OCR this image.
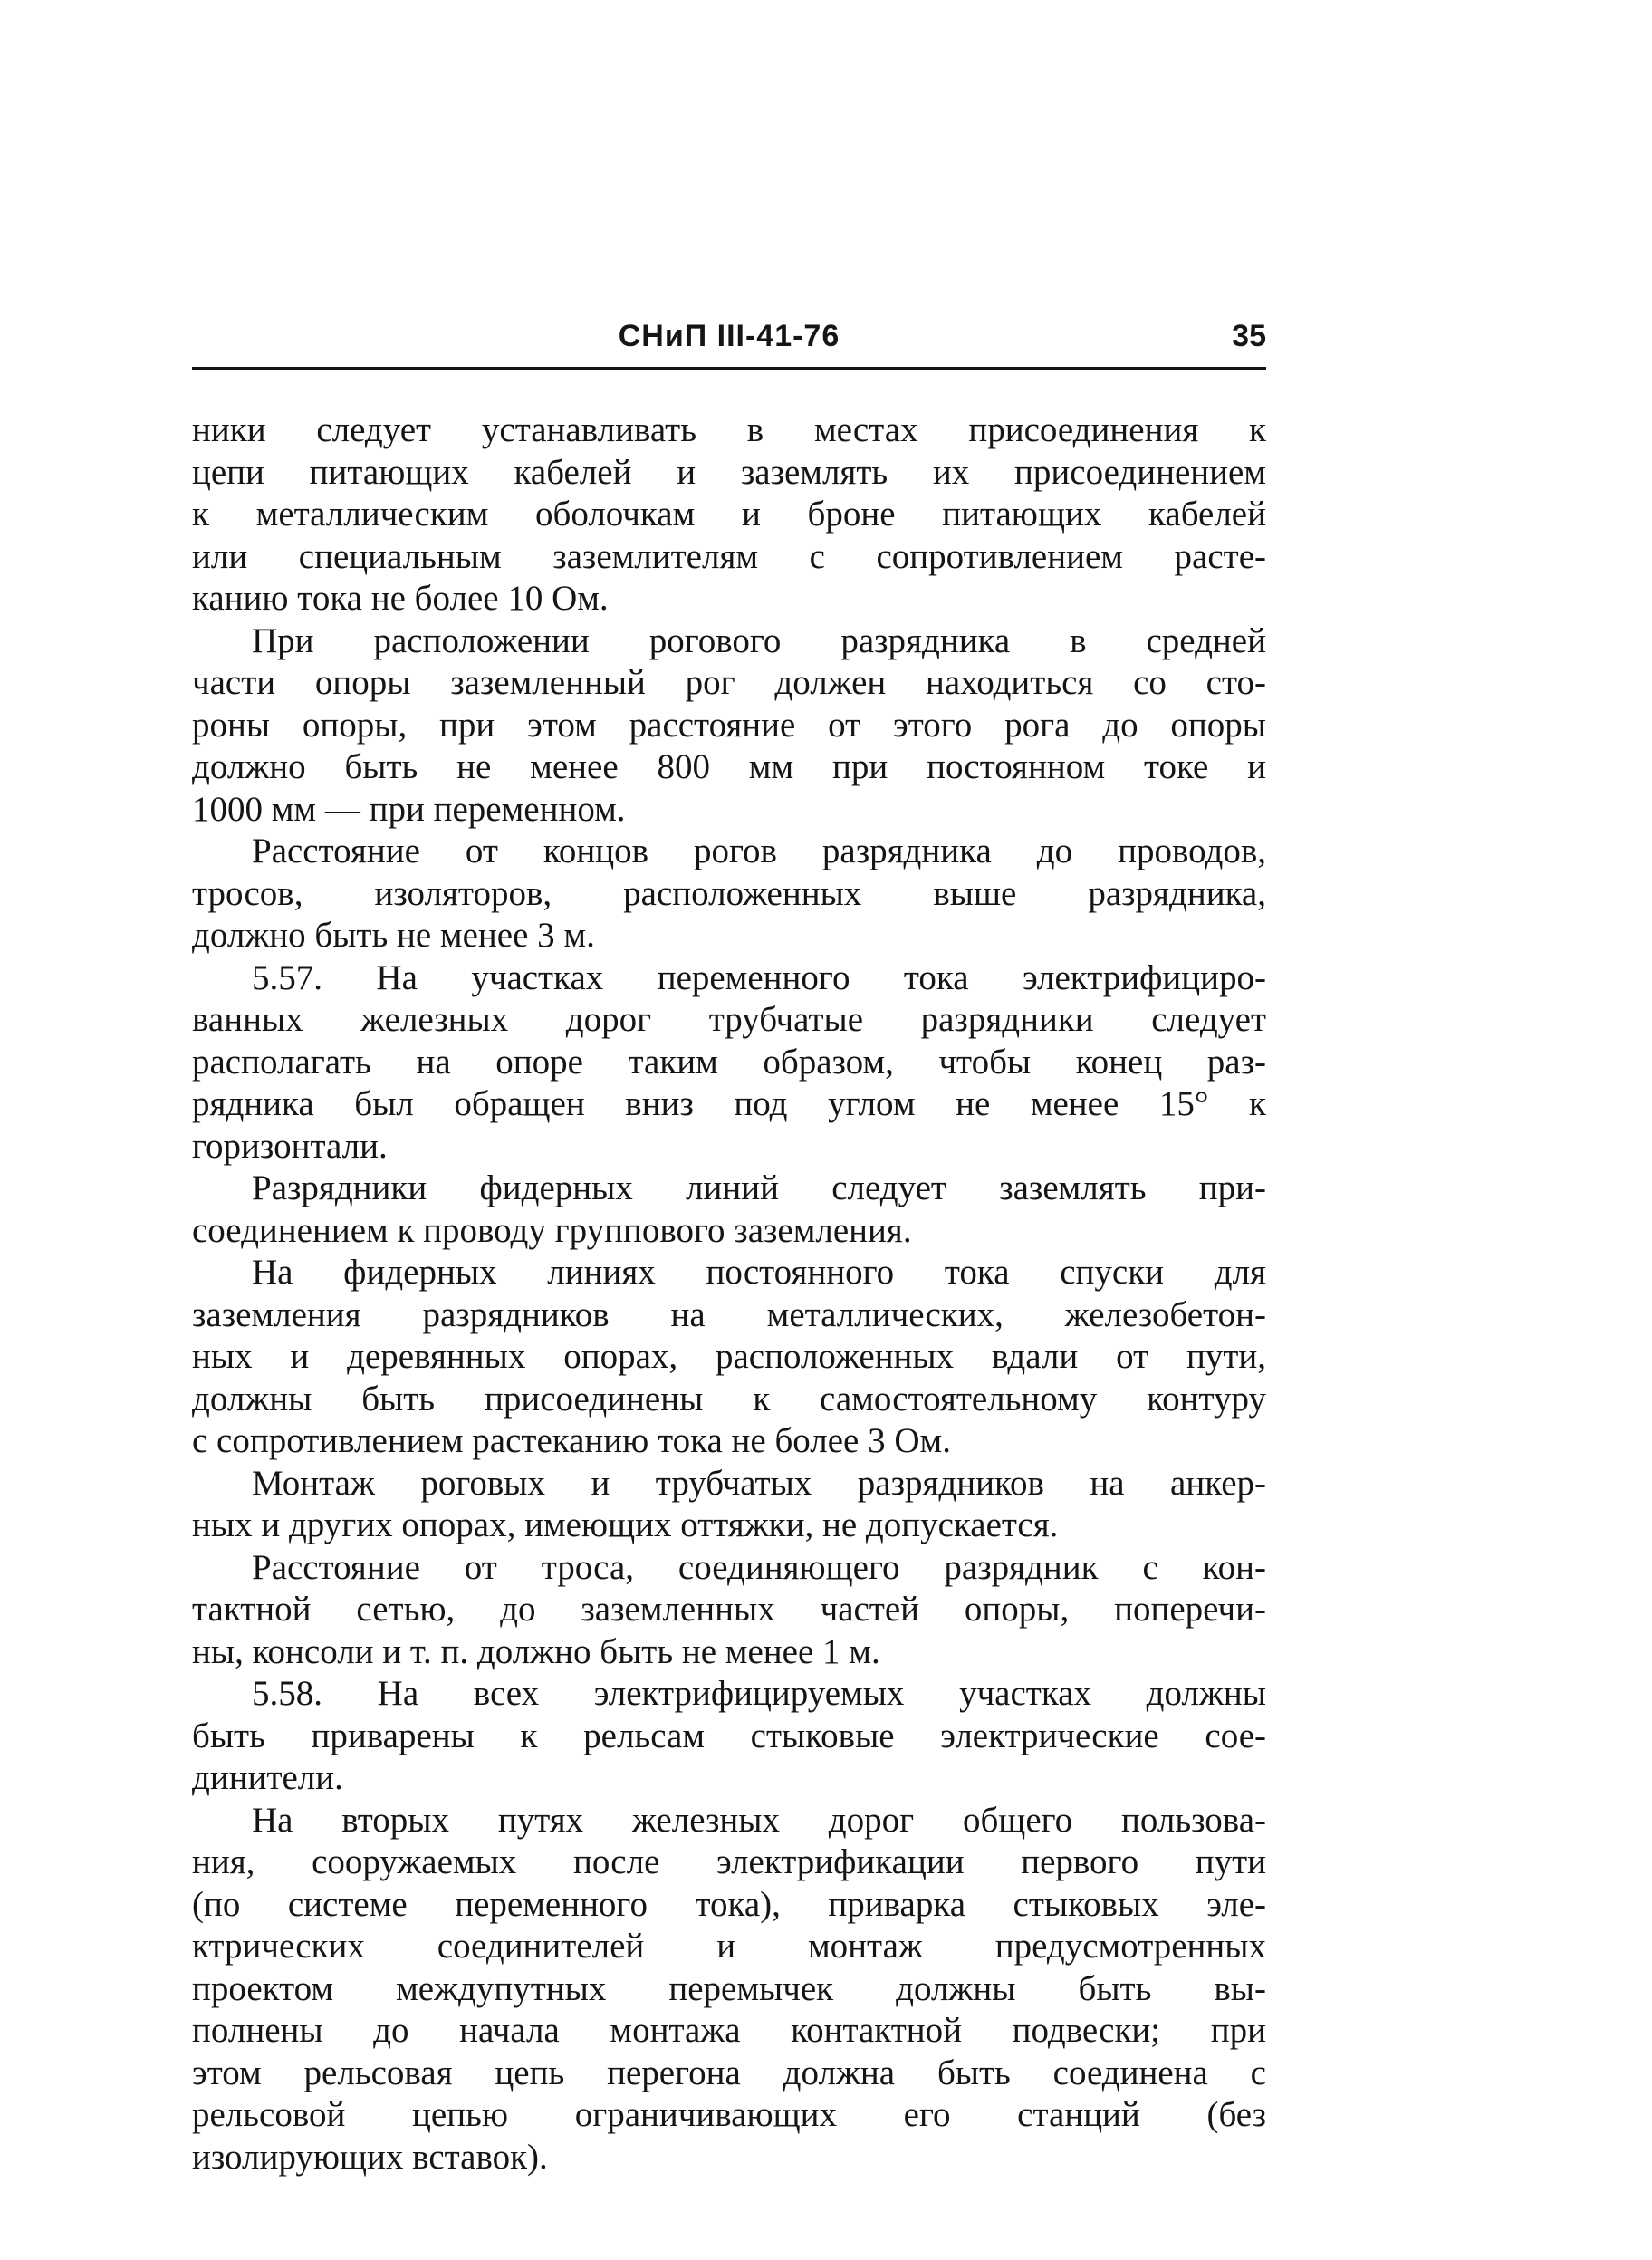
СНиП III-41-76	35
ники следует устанавливать в местах присоединения к
цепи питающих кабелей и заземлять их присоединением
к металлическим оболочкам и броне питающих кабелей
или специальным заземлителям с сопротивлением расте-
канию тока не более 10 Ом.
При расположении рогового разрядника в средней
части опоры заземленный рог должен находиться со сто-
роны опоры, при этом расстояние от этого рога до опоры
должно быть не менее 800 мм при постоянном токе и
1000 мм — при переменном.
Расстояние от концов рогов разрядника до проводов,
тросов, изоляторов, расположенных выше разрядника,
должно быть не менее 3 м.
5.57. На участках переменного тока электрифициро-
ванных железных дорог трубчатые разрядники следует
располагать на опоре таким образом, чтобы конец раз-
рядника был обращен вниз под углом не менее 15° к
горизонтали.
Разрядники фидерных линий следует заземлять при-
соединением к проводу группового заземления.
На фидерных линиях постоянного тока спуски для
заземления разрядников на металлических, железобетон-
ных и деревянных опорах, расположенных вдали от пути,
должны быть присоединены к самостоятельному контуру
с сопротивлением растеканию тока не более 3 Ом.
Монтаж роговых и трубчатых разрядников на анкер-
ных и других опорах, имеющих оттяжки, не допускается.
Расстояние от троса, соединяющего разрядник с кон-
тактной сетью, до заземленных частей опоры, поперечи-
ны, консоли и т. п. должно быть не менее 1 м.
5.58. На всех электрифицируемых участках должны
быть приварены к рельсам стыковые электрические сое-
динители.
На вторых путях железных дорог общего пользова-
ния, сооружаемых после электрификации первого пути
(по системе переменного тока), приварка стыковых эле-
ктрических соединителей и монтаж предусмотренных
проектом междупутных перемычек должны быть вы-
полнены до начала монтажа контактной подвески; при
этом рельсовая цепь перегона должна быть соединена с
рельсовой цепью ограничивающих его станций (без
изолирующих вставок).
